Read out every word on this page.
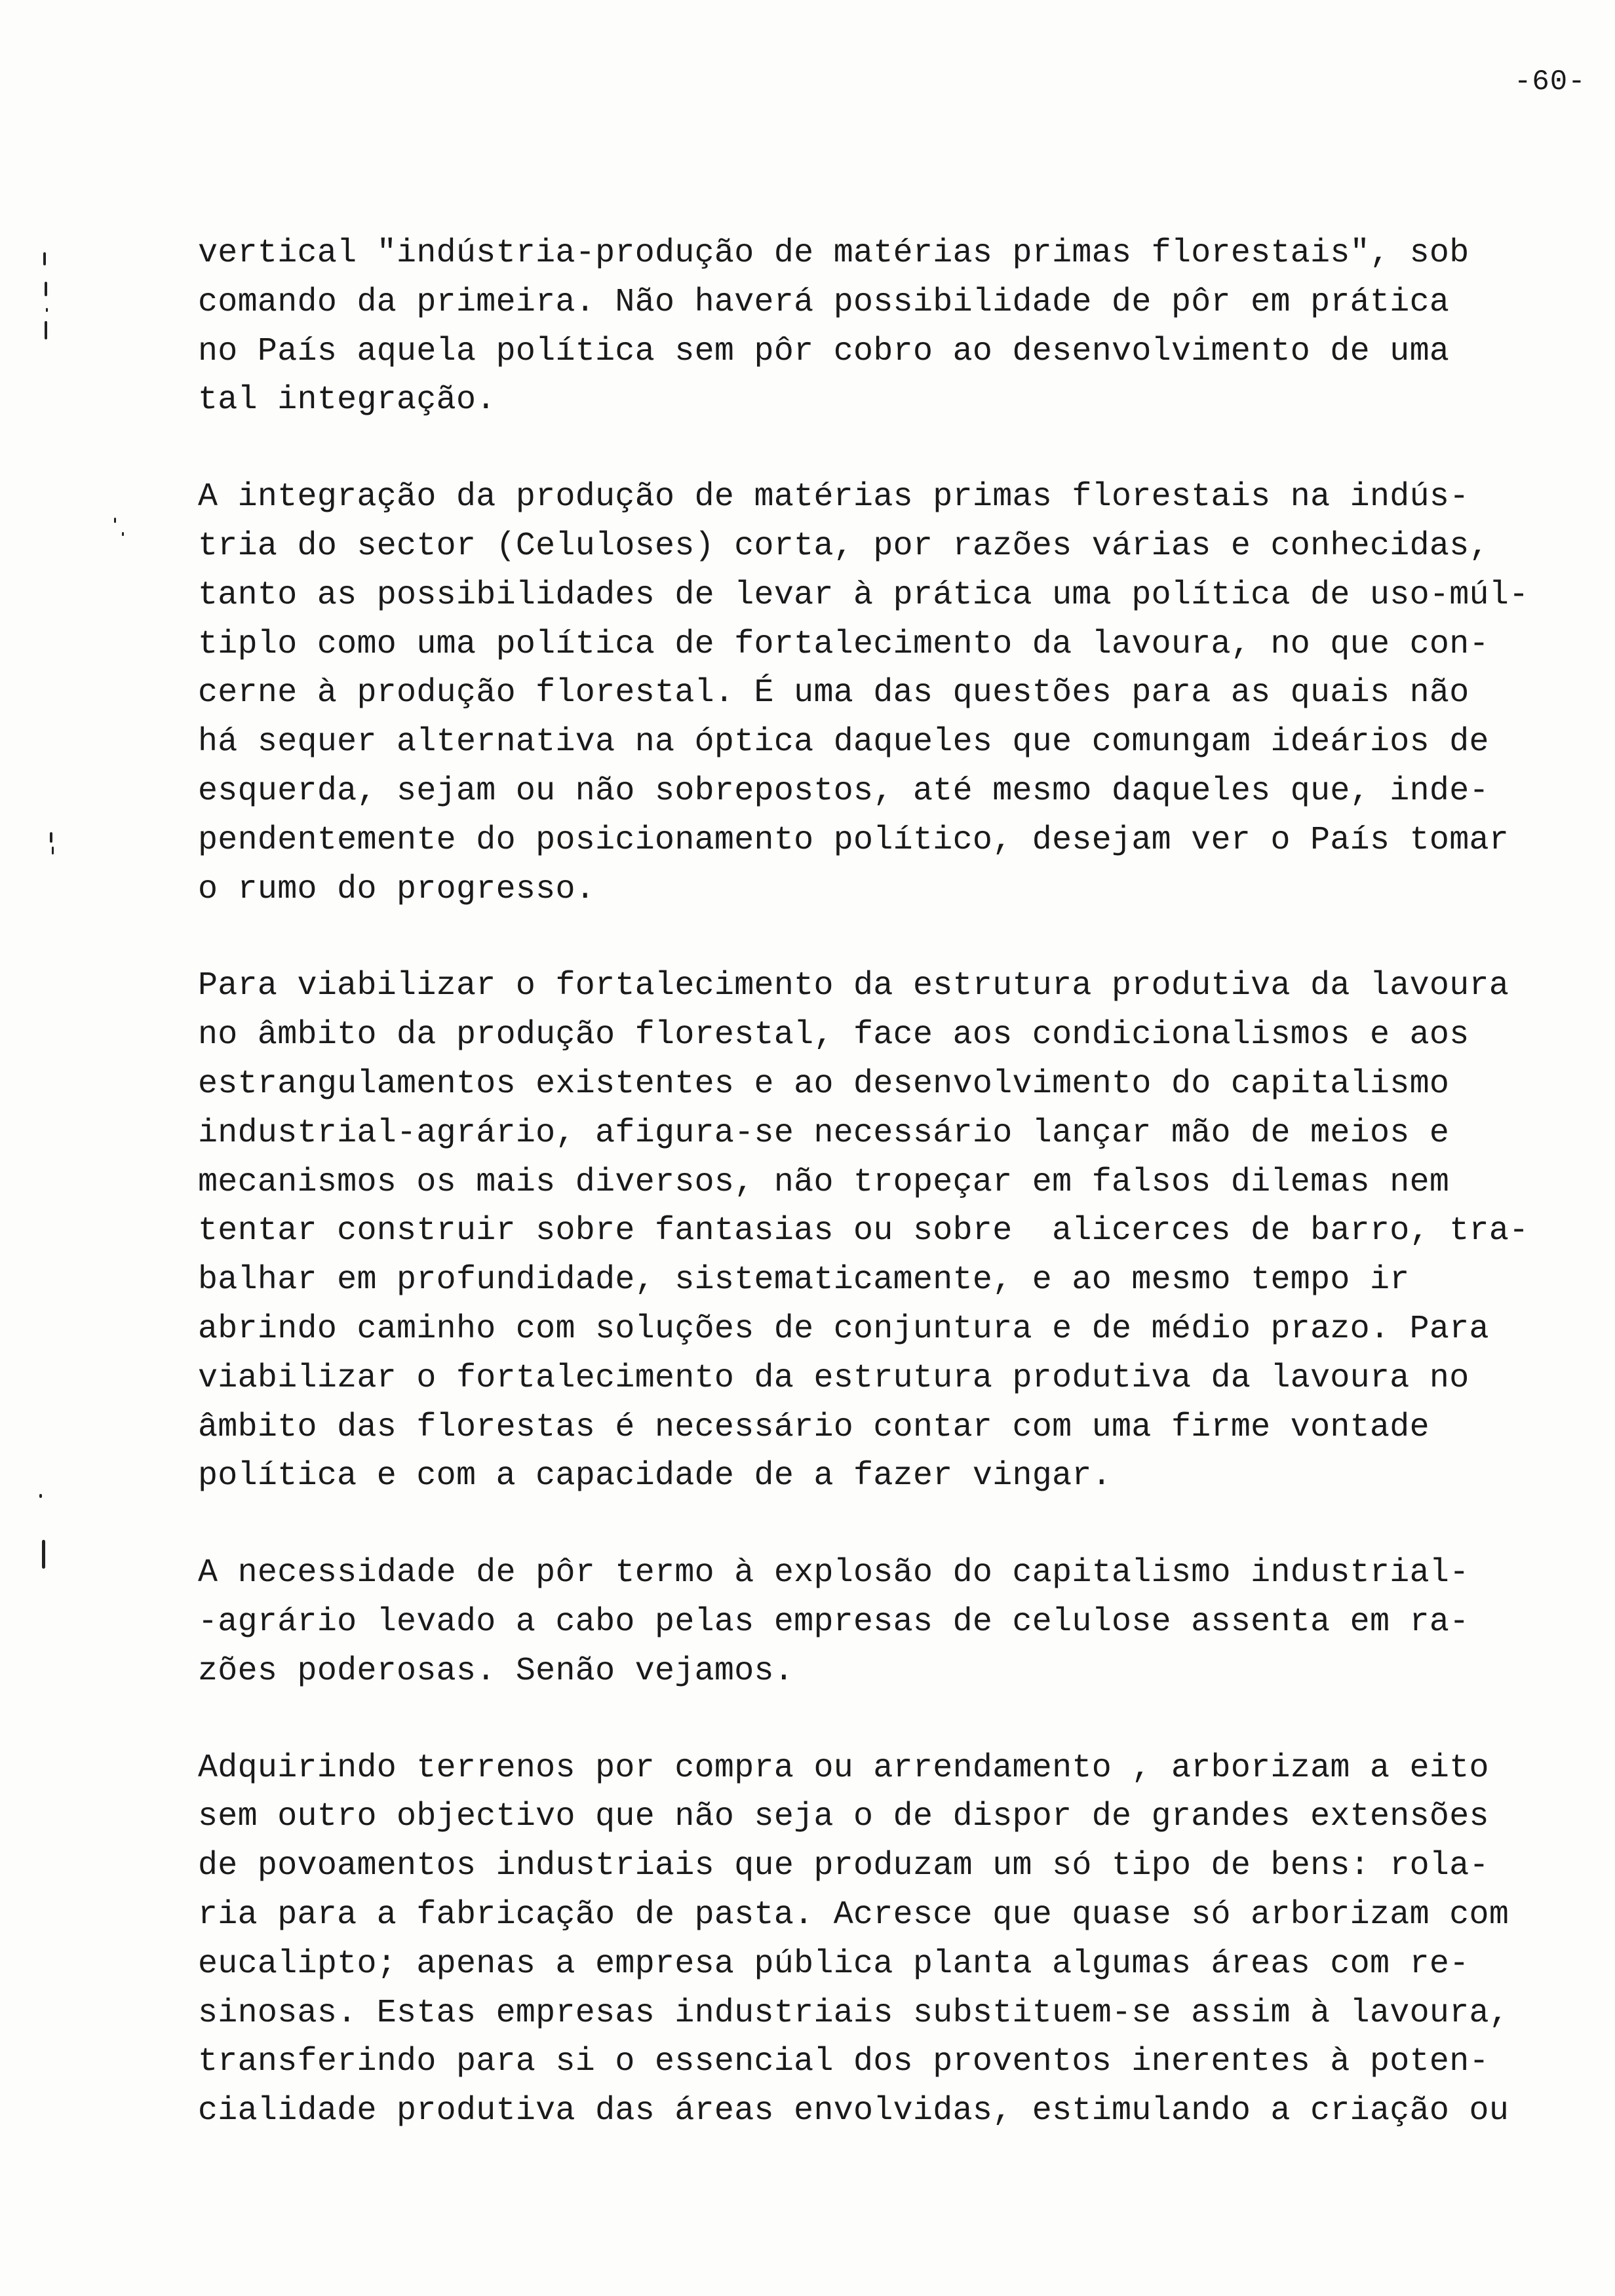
-60-
vertical "indústria-produção de matérias primas florestais", sob
comando da primeira. Não haverá possibilidade de pôr em prática
no País aquela política sem pôr cobro ao desenvolvimento de uma
tal integração.
A integração da produção de matérias primas florestais na indús-
tria do sector (Celuloses) corta, por razões várias e conhecidas,
tanto as possibilidades de levar à prática uma política de uso-múl-
tiplo como uma política de fortalecimento da lavoura, no que con-
cerne à produção florestal. É uma das questões para as quais não
há sequer alternativa na óptica daqueles que comungam ideários de
esquerda, sejam ou não sobrepostos, até mesmo daqueles que, inde-
pendentemente do posicionamento político, desejam ver o País tomar
o rumo do progresso.
Para viabilizar o fortalecimento da estrutura produtiva da lavoura
no âmbito da produção florestal, face aos condicionalismos e aos
estrangulamentos existentes e ao desenvolvimento do capitalismo
industrial-agrário, afigura-se necessário lançar mão de meios e
mecanismos os mais diversos, não tropeçar em falsos dilemas nem
tentar construir sobre fantasias ou sobre  alicerces de barro, tra-
balhar em profundidade, sistematicamente, e ao mesmo tempo ir
abrindo caminho com soluções de conjuntura e de médio prazo. Para
viabilizar o fortalecimento da estrutura produtiva da lavoura no
âmbito das florestas é necessário contar com uma firme vontade
política e com a capacidade de a fazer vingar.
A necessidade de pôr termo à explosão do capitalismo industrial-
-agrário levado a cabo pelas empresas de celulose assenta em ra-
zões poderosas. Senão vejamos.
Adquirindo terrenos por compra ou arrendamento , arborizam a eito
sem outro objectivo que não seja o de dispor de grandes extensões
de povoamentos industriais que produzam um só tipo de bens: rola-
ria para a fabricação de pasta. Acresce que quase só arborizam com
eucalipto; apenas a empresa pública planta algumas áreas com re-
sinosas. Estas empresas industriais substituem-se assim à lavoura,
transferindo para si o essencial dos proventos inerentes à poten-
cialidade produtiva das áreas envolvidas, estimulando a criação ou
